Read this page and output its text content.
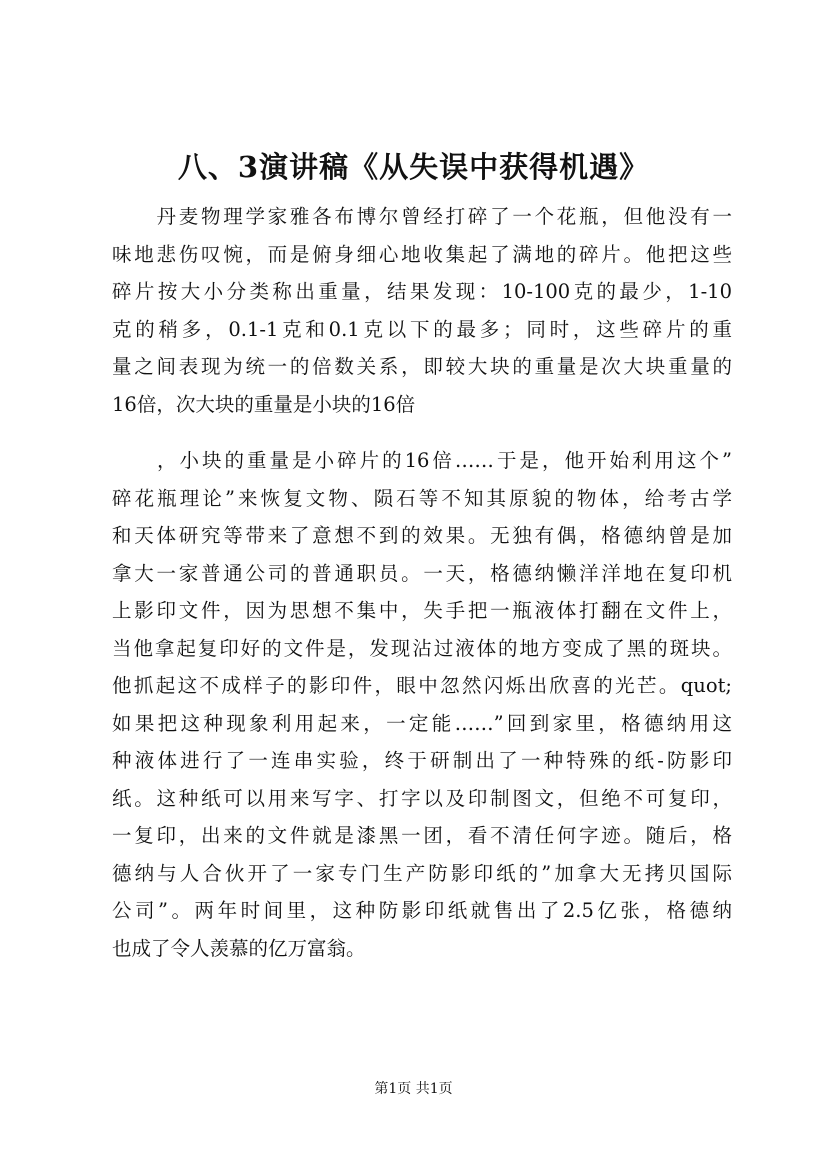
八、3演讲稿《从失误中获得机遇》
　　丹麦物理学家雅各布博尔曾经打碎了一个花瓶，但他没有一
味地悲伤叹惋，而是俯身细心地收集起了满地的碎片。他把这些
碎片按大小分类称出重量，结果发现：10-100克的最少，1-10
克的稍多，0.1-1克和0.1克以下的最多；同时，这些碎片的重
量之间表现为统一的倍数关系，即较大块的重量是次大块重量的
16倍，次大块的重量是小块的16倍
　　，小块的重量是小碎片的16倍……于是，他开始利用这个”
碎花瓶理论”来恢复文物、陨石等不知其原貌的物体，给考古学
和天体研究等带来了意想不到的效果。无独有偶，格德纳曾是加
拿大一家普通公司的普通职员。一天，格德纳懒洋洋地在复印机
上影印文件，因为思想不集中，失手把一瓶液体打翻在文件上，
当他拿起复印好的文件是，发现沾过液体的地方变成了黑的斑块。
他抓起这不成样子的影印件，眼中忽然闪烁出欣喜的光芒。quot;
如果把这种现象利用起来，一定能……”回到家里，格德纳用这
种液体进行了一连串实验，终于研制出了一种特殊的纸-防影印
纸。这种纸可以用来写字、打字以及印制图文，但绝不可复印，
一复印，出来的文件就是漆黑一团，看不清任何字迹。随后，格
德纳与人合伙开了一家专门生产防影印纸的”加拿大无拷贝国际
公司”。两年时间里，这种防影印纸就售出了2.5亿张，格德纳
也成了令人羡慕的亿万富翁。
第1页 共1页
